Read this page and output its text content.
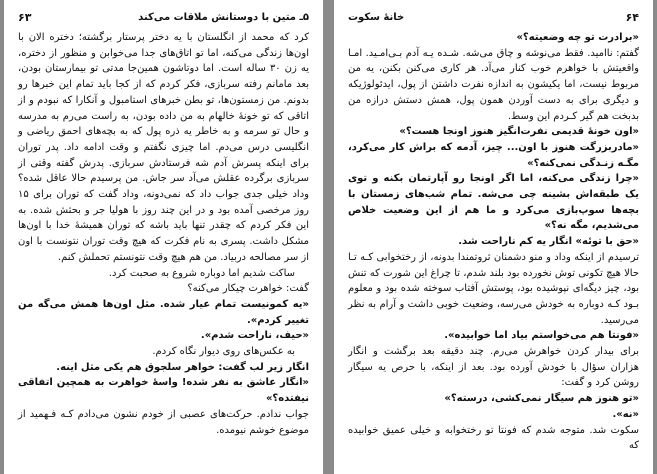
۵ـ متین با دوستانش ملاقات می‌کند
۶۳

کرد که محمد از انگلستان با یه دختر پرستار برگشته؛ دختره الان با اون‌ها زندگی می‌کنه، اما تو اتاق‌های جدا می‌خوابن و منظور از دختره، یه زن ۳۰ ساله است. اما دوتاشون همین‌جا مدتی تو بیمارستان بودن، بعد مامانم رفته سربازی، فکر کردم که از کجا باید تمام این خبرها رو بدونم. من زمستون‌ها، تو بطن خبرهای استامبول و آنکارا که نبودم و از اتاقی که تو خونهٔ خالهام به من داده بودن، به راست می‌رم به مدرسه و حال تو سرمه و به خاطر یه ذره پول که به بچه‌های احمق ریاضی و انگلیسی درس می‌دم. اما چیزی نگفتم و وقت ادامه داد. پدر توران برای اینکه پسرش آدم شه فرستادش سربازی. پدرش گفته وقتی از سربازی برگرده عقلش می‌آد سر جاش. من پرسیدم حالا عاقل شده؟ وداد خیلی جدی جواب داد که نمی‌دونه، وداد گفت که توران برای ۱۵ روز مرخصی آمده بود و در این چند روز با هولیا جر و بحثش شده. به این فکر کردم که چقدر تنها باید باشه که توران همیشهٔ خدا با اون‌ها مشکل داشت. پسری به نام فکرت که هیچ وقت توران نتونست با اون از سر مصالحه دربیاد. من هم هیچ وقت نتونستم تحملش کنم.

ساکت شدیم اما دوباره شروع به صحبت کرد.

گفت: خواهرت چیکار می‌کنه؟

«یه کمونیست تمام عیار شده. مثل اون‌ها همش می‌گه من تغییر کردم».

«حیف، ناراحت شدم».

به عکس‌های روی دیوار نگاه کردم.

انگار زیر لب گفت: خواهر سلجوق هم یکی مثل اینه.

«انگار عاشق به نفر شده! واسهٔ خواهرت به همچین اتفاقی نیفتده؟»

جواب ندادم. حرکت‌های عصبی از خودم نشون می‌دادم کـه فـهمید از موضوع خوشم نیومده.

۶۴
خانهٔ سکوت

«برادرت تو چه وضعیته؟»

گفتم: ناامید. فقط می‌نوشه و چاق می‌شه. شـده یـه آدم بـی‌امـید. امـا واقعیتش با خواهرم خوب کنار می‌آد. هر کاری می‌کنن بکنن، یه من مربوط نیست، اما یکیشون به اندازه نفرت داشتن از پول، ایدئولوژیکه و دیگری برای به دست آوردن همون پول، همش دستش درازه من بدبخت هم گیر کـردم این وسط.

«اون خونهٔ قدیمی نفرت‌انگیز هنوز اونجا هست؟»

«مادربزرگت هنوز با اون... چیز، آدمه که براش کار می‌کرد، مگـه زنـدگی نمی‌کنه؟»

«چرا زندگی می‌کنه، اما اگر اونجا رو آپارتمان بکنه و توی یک طبقه‌اش بشینه چی می‌شه. تمام شب‌های زمستان با بچه‌ها سوپ‌بازی می‌کرد و ما هم از این وضعیت خلاص می‌شدیم، مگه نه؟»

«حق با توئه» انگار یه کم ناراحت شد.

ترسیدم از اینکه وداد و منو دشمنان ثروتمندا بدونه، از رختخوابی کـه تـا حالا هیچ تکونی توش نخورده بود بلند شدم، تا چراغ این شورت که تنش بود، چیز دیگه‌ای نپوشیده بود، پوستش آفتاب سوخته شده بود و معلوم بـود کـه دوباره به خودش می‌رسه، وضعیت خوبی داشت و آرام به نظر می‌رسید.

«فونتا هم می‌خواستم بیاد اما خوابیده».

برای بیدار کردن خواهرش می‌رم. چند دقیقه بعد برگشت و انگار هزاران سؤال با خودش آورده بود. بعد از اینکه، با حرص یه سیگار روشن کرد و گفت:

«تو هنوز هم سیگار نمی‌کشی، درسته؟»

«نه».

سکوت شد. متوجه شدم که فونتا تو رختخوابه و خیلی عمیق خوابیده که
